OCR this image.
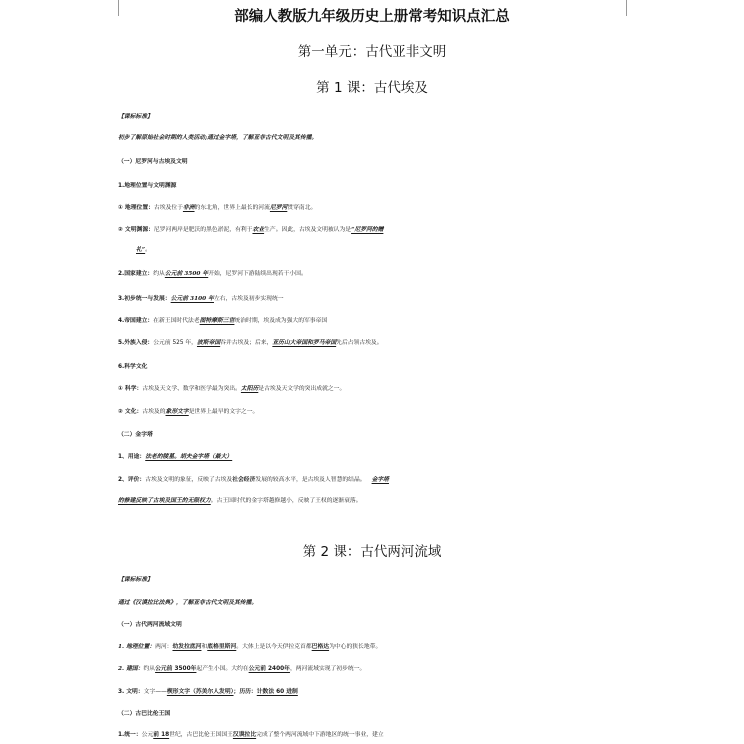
部编人教版九年级历史上册常考知识点汇总
第一单元：古代亚非文明
第 1 课：古代埃及
【课标标准】
初步了解原始社会时期的人类活动;通过金字塔，了解亚非古代文明及其传播。
（一）尼罗河与古埃及文明
1.地理位置与文明渊源
① 地理位置：古埃及位于非洲的东北角，世界上最长的河流尼罗河贯穿南北。
② 文明渊源：尼罗河两岸是肥沃的黑色淤泥，有利于农业生产。因此，古埃及文明被认为是“尼罗河的赠
礼”。
2.国家建立：约从公元前 3500 年开始，尼罗河下游陆续出现若干小国。
3.初步统一与发展：公元前 3100 年左右，古埃及初步实现统一
4.帝国建立：在新王国时代法老图特摩斯三世统治时期，埃及成为强大的军事帝国
5.外族入侵：公元前 525 年，波斯帝国吞并古埃及；后来，亚历山大帝国和罗马帝国先后占领古埃及。
6.科学文化
① 科学：古埃及天文学、数学和医学最为突出。太阳历是古埃及天文学的突出成就之一。
② 文化：古埃及的象形文字是世界上最早的文字之一。
（二）金字塔
1、用途：法老的陵墓。胡夫金字塔（最大）
2、评价：古埃及文明的象征，反映了古埃及社会经济发展的较高水平，是古埃及人智慧的结晶。 金字塔
的修建反映了古埃及国王的无限权力。古王国时代的金字塔越修越小，反映了王权的逐渐衰落。
第 2 课：古代两河流域
【课标标准】
通过《汉谟拉比法典》，了解亚非古代文明及其传播。
（一）古代两河流域文明
1. 地理位置：两河：幼发拉底河和底格里斯河。大体上是以今天伊拉克首都巴格达为中心的狭长地带。
2. 建国：约从公元前 3500年起产生小国。大约在公元前 2400年，两河流域实现了初步统一。
3. 文明：文字——楔形文字（苏美尔人发明）；历历：计数法 60 进制
（二）古巴比伦王国
1.统一：公元前 18世纪，古巴比伦王国国王汉谟拉比完成了整个两河流域中下游地区的统一事业，建立
